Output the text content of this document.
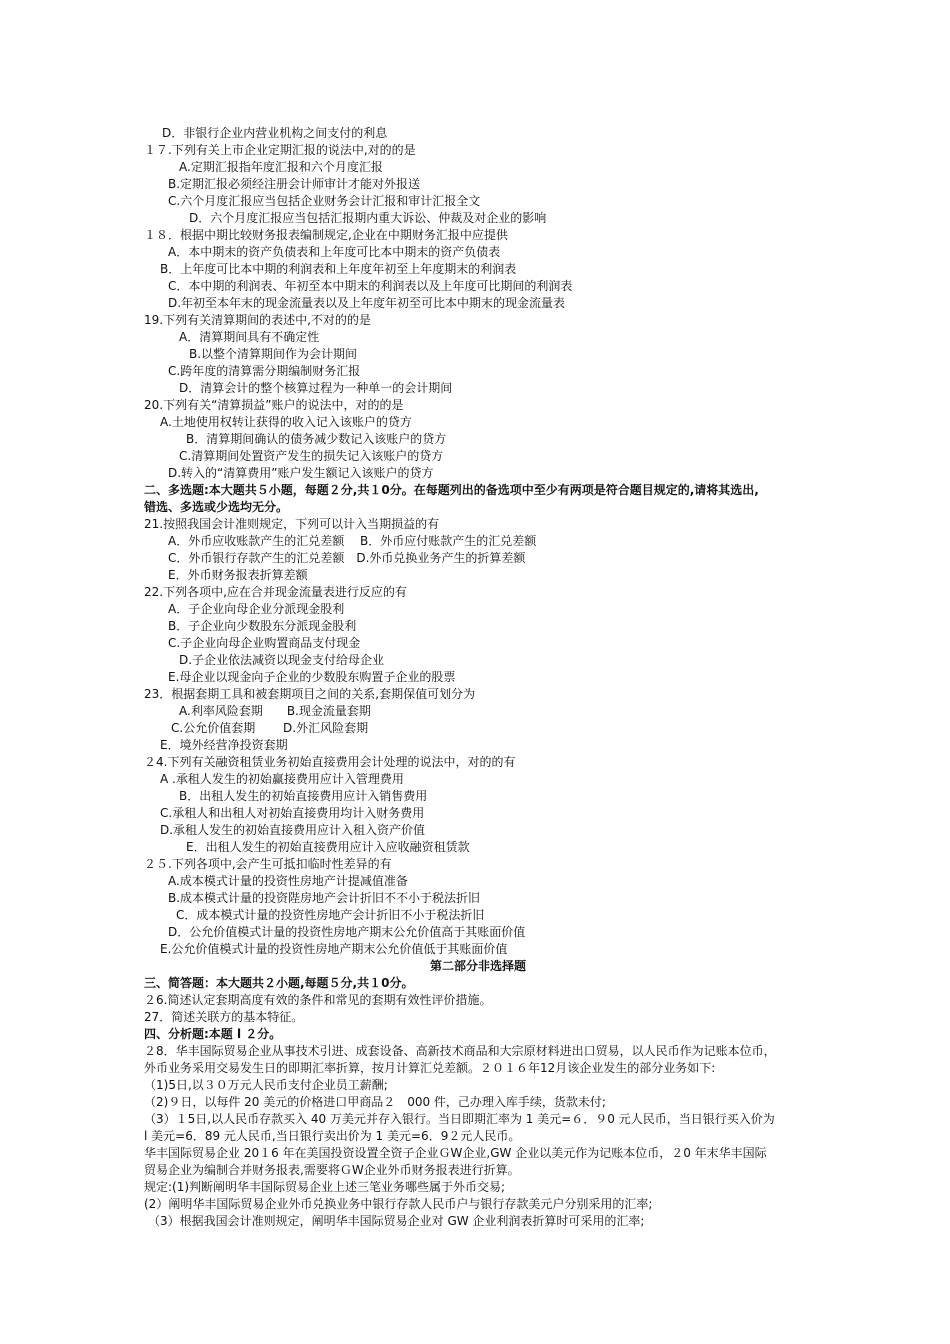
D．非银行企业内营业机构之间支付的利息
１７.下列有关上市企业定期汇报的说法中,对的的是
A.定期汇报指年度汇报和六个月度汇报
B.定期汇报必须经注册会计师审计才能对外报送
C.六个月度汇报应当包括企业财务会计汇报和审计汇报全文
D．六个月度汇报应当包括汇报期内重大诉讼、仲裁及对企业的影响
１８．根据中期比较财务报表编制规定,企业在中期财务汇报中应提供
A．本中期末的资产负债表和上年度可比本中期末的资产负债表
B．上年度可比本中期的利润表和上年度年初至上年度期末的利润表
C．本中期的利润表、年初至本中期末的利润表以及上年度可比期间的利润表
D.年初至本年末的现金流量表以及上年度年初至可比本中期末的现金流量表
19.下列有关清算期间的表述中,不对的的是
A．清算期间具有不确定性
B.以整个清算期间作为会计期间
C.跨年度的清算需分期编制财务汇报
D．清算会计的整个核算过程为一种单一的会计期间
20.下列有关“清算损益”账户的说法中，对的的是
A.土地使用权转让获得的收入记入该账户的贷方
B．清算期间确认的债务减少数记入该账户的贷方
C.清算期间处置资产发生的损失记入该账户的贷方
D.转入的“清算费用”账户发生额记入该账户的贷方
二、多选题:本大题共５小题，每题２分,共１0分。在每题列出的备选项中至少有两项是符合题目规定的,请将其选出,
错选、多选或少选均无分。
21.按照我国会计准则规定，下列可以计入当期损益的有
A．外币应收账款产生的汇兑差额　 B．外币应付账款产生的汇兑差额
C．外币银行存款产生的汇兑差额　D.外币兑换业务产生的折算差额
E．外币财务报表折算差额
22.下列各项中,应在合并现金流量表进行反应的有
A．子企业向母企业分派现金股利
B．子企业向少数股东分派现金股利
C.子企业向母企业购置商品支付现金
D.子企业依法减资以现金支付给母企业
E.母企业以现金向子企业的少数股东购置子企业的股票
23．根据套期工具和被套期项目之间的关系,套期保值可划分为
A.利率风险套期　　B.现金流量套期
C.公允价值套期　　 D.外汇风险套期
E．境外经营净投资套期
２4.下列有关融资租赁业务初始直接费用会计处理的说法中，对的的有
A .承租人发生的初始赢接费用应计入管理费用
B．出租人发生的初始直接费用应计入销售费用
C.承租人和出租人对初始直接费用均计入财务费用
D.承租人发生的初始直接费用应计入租入资产价值
E．出租人发生的初始直接费用应计入应收融资租赁款
２５.下列各项中,会产生可抵扣临时性差异的有
A.成本模式计量的投资性房地产计提减值准备
B.成本模式计量的投资陛房地产会计折旧不不小于税法折旧
C．成本模式计量的投资性房地产会计折旧不小于税法折旧
D．公允价值模式计量的投资性房地产期末公允价值高于其账面价值
E.公允价值模式计量的投资性房地产期末公允价值低于其账面价值
第二部分非选择题
三、简答题：本大题共２小题,每题５分,共１0分。
２6.简述认定套期高度有效的条件和常见的套期有效性评价措施。
27．简述关联方的基本特征。
四、分析题:本题 l ２分。
２8．华丰国际贸易企业从事技术引进、成套设备、高新技术商品和大宗原材料进出口贸易，以人民币作为记账本位币，
外币业务采用交易发生日的即期汇率折算，按月计算汇兑差额。２０１６年12月该企业发生的部分业务如下:
（1)5日,以３０万元人民币支付企业员工薪酬;
（2)９日，以每件 20 美元的价格进口甲商品２　000 件，己办理入库手续，货款未付;
（3）１5日,以人民币存款买入 40 万美元并存入银行。当日即期汇率为 1 美元=６．９0 元人民币，当日银行买入价为
l 美元=6．89 元人民币,当日银行卖出价为 1 美元=6．9２元人民币。
华丰国际贸易企业 20１6 年在美国投资设置全资子企业ＧW企业,GW 企业以美元作为记账本位币，２0 年末华丰国际
贸易企业为编制合并财务报表,需要将ＧW企业外币财务报表进行折算。
规定:(1)判断阐明华丰国际贸易企业上述三笔业务哪些属于外币交易;
(2）阐明华丰国际贸易企业外币兑换业务中银行存款人民币户与银行存款美元户分别采用的汇率;
（3）根据我国会计准则规定，阐明华丰国际贸易企业对 GW 企业利润表折算时可采用的汇率;
